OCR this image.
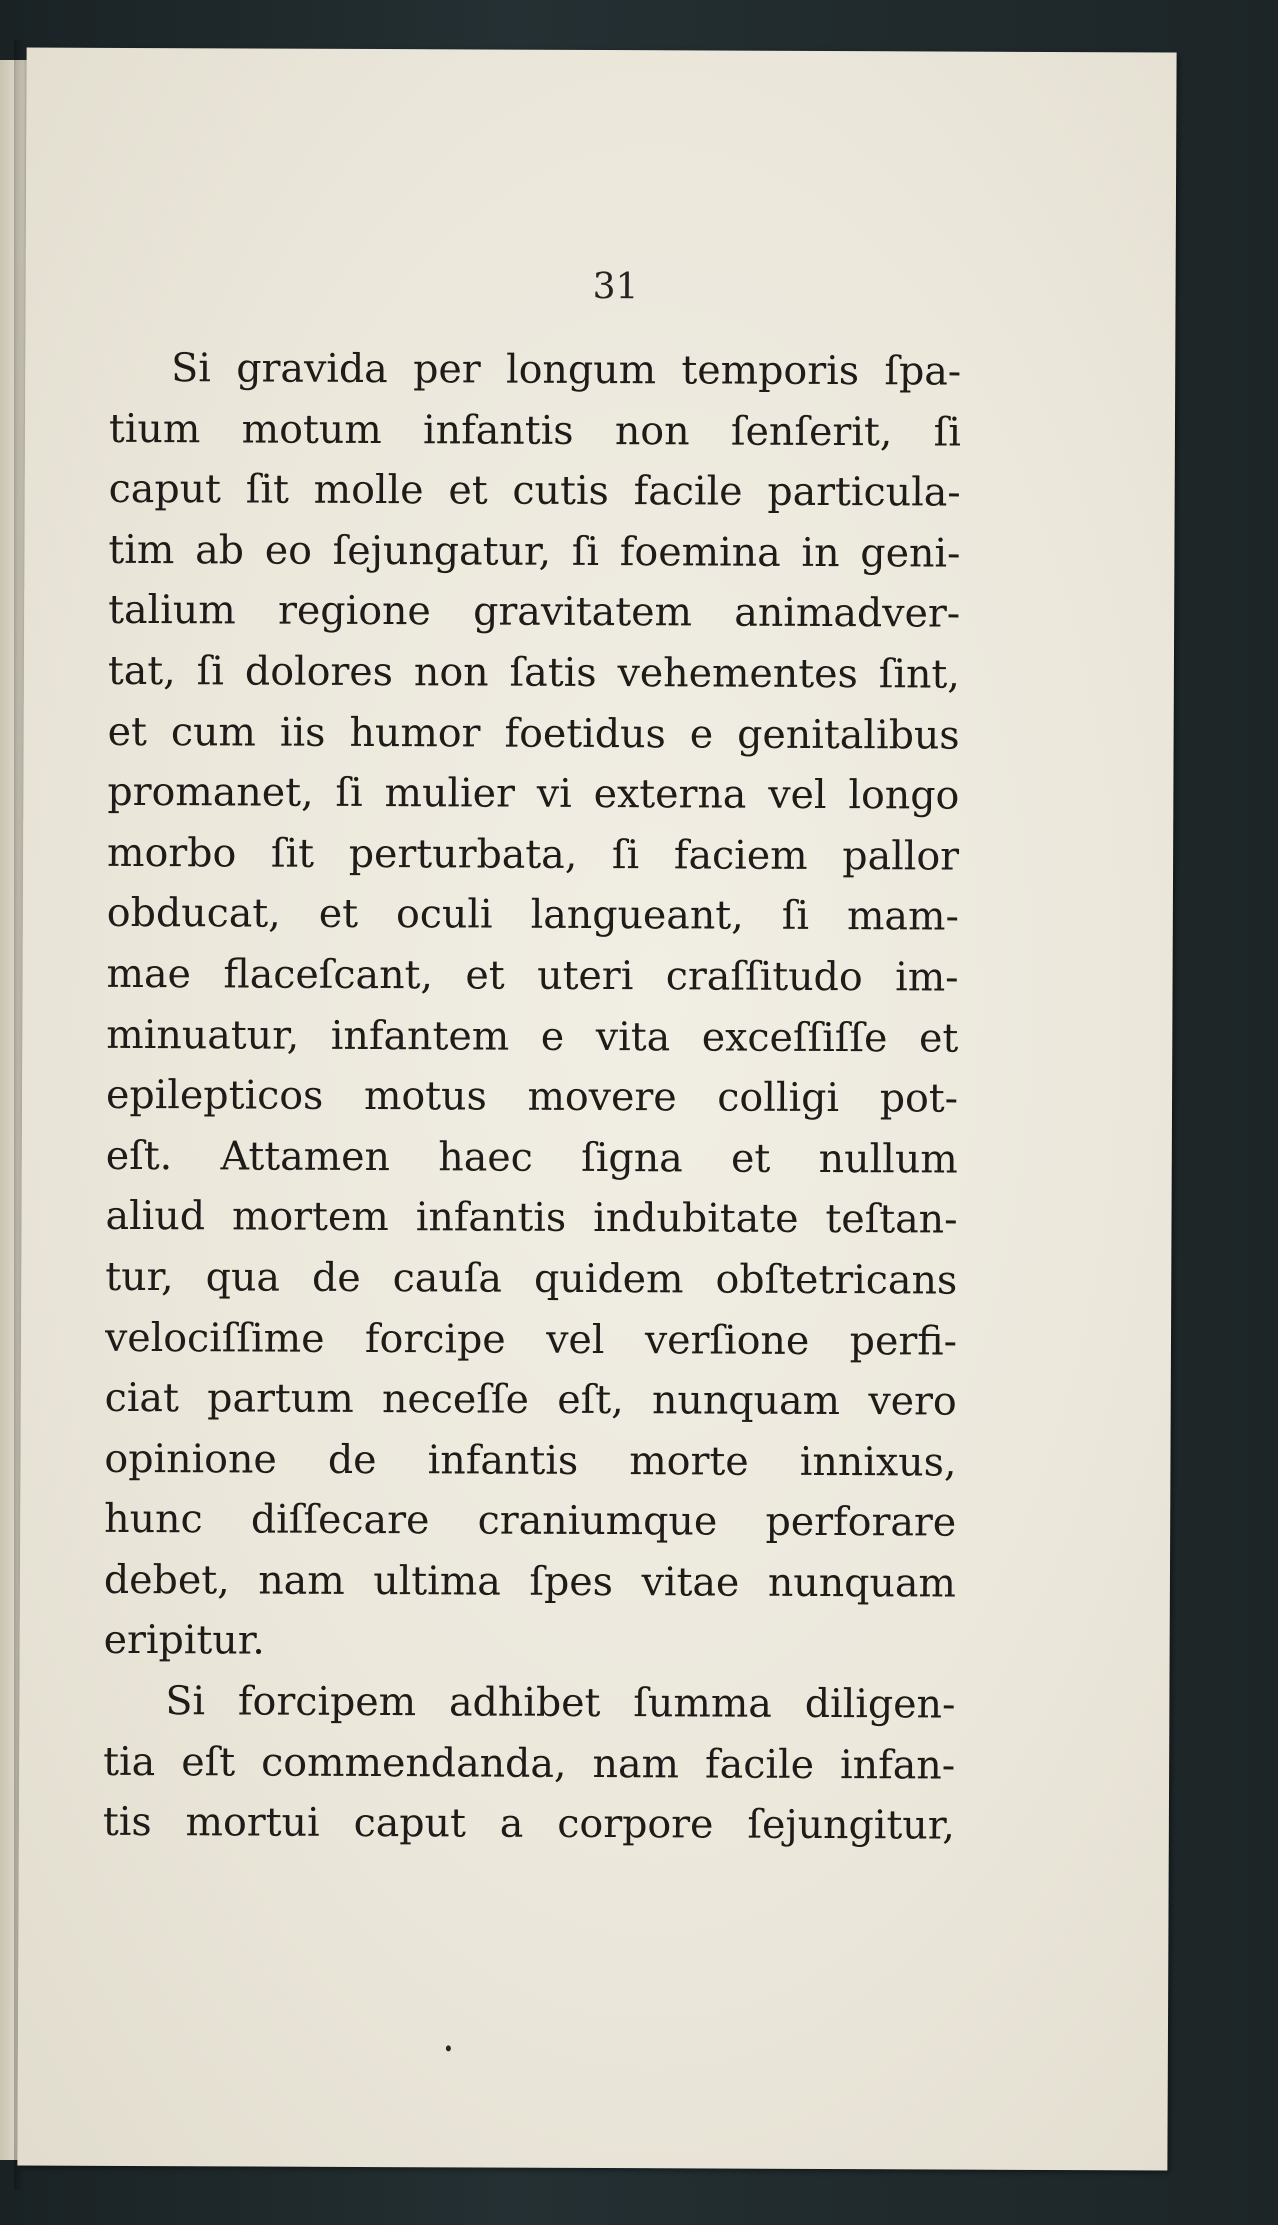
31
Si gravida per longum temporis ſpa-
tium motum infantis non ſenſerit, ſi
caput ſit molle et cutis facile particula-
tim ab eo ſejungatur, ſi foemina in geni-
talium regione gravitatem animadver-
tat, ſi dolores non ſatis vehementes ſint,
et cum iis humor foetidus e genitalibus
promanet, ſi mulier vi externa vel longo
morbo ſit perturbata, ſi faciem pallor
obducat, et oculi langueant, ſi mam-
mae flaceſcant, et uteri craſſitudo im-
minuatur, infantem e vita exceſſiſſe et
epilepticos motus movere colligi pot-
eſt. Attamen haec ſigna et nullum
aliud mortem infantis indubitate teſtan-
tur, qua de cauſa quidem obſtetricans
velociſſime forcipe vel verſione perfi-
ciat partum neceſſe eſt, nunquam vero
opinione de infantis morte innixus,
hunc diſſecare craniumque perforare
debet, nam ultima ſpes vitae nunquam
eripitur.
Si forcipem adhibet ſumma diligen-
tia eſt commendanda, nam facile infan-
tis mortui caput a corpore ſejungitur,
